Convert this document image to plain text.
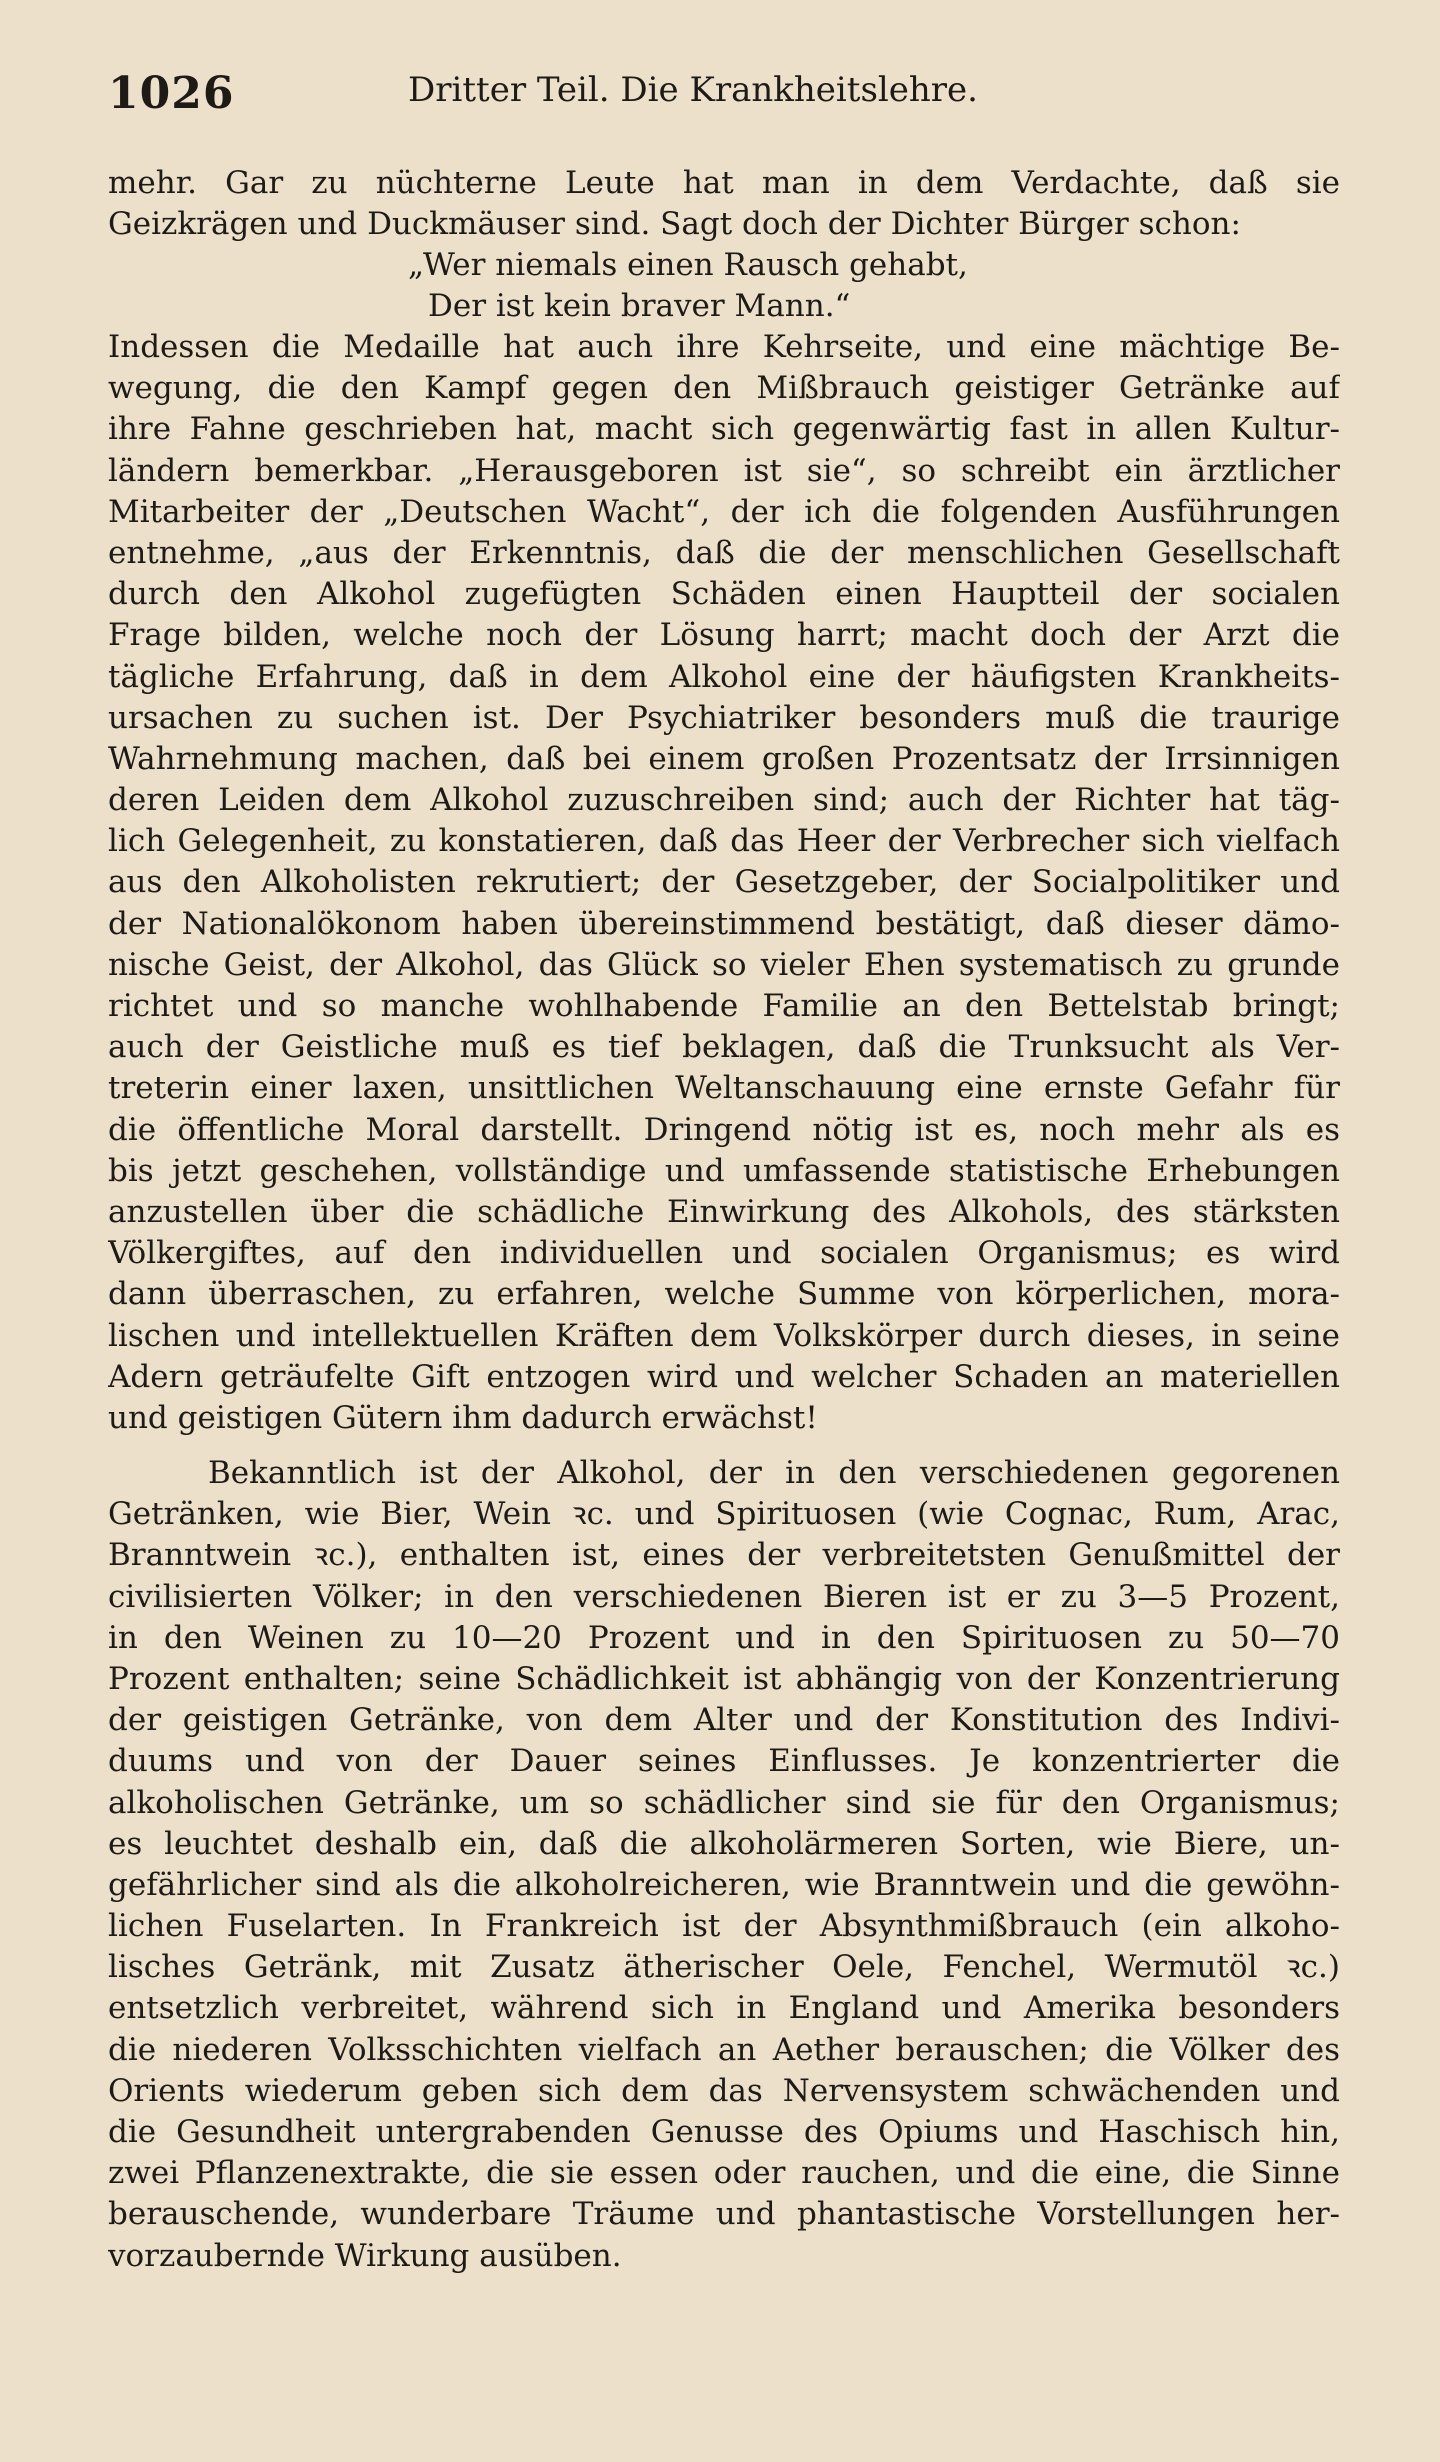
1026	Dritter Teil. Die Krankheitslehre.
mehr. Gar zu nüchterne Leute hat man in dem Verdachte, daß sie
Geizkrägen und Duckmäuser sind. Sagt doch der Dichter Bürger schon:
„Wer niemals einen Rausch gehabt,
Der ist kein braver Mann.“
Indessen die Medaille hat auch ihre Kehrseite, und eine mächtige Be-
wegung, die den Kampf gegen den Mißbrauch geistiger Getränke auf
ihre Fahne geschrieben hat, macht sich gegenwärtig fast in allen Kultur-
ländern bemerkbar. „Herausgeboren ist sie“, so schreibt ein ärztlicher
Mitarbeiter der „Deutschen Wacht“, der ich die folgenden Ausführungen
entnehme, „aus der Erkenntnis, daß die der menschlichen Gesellschaft
durch den Alkohol zugefügten Schäden einen Hauptteil der socialen
Frage bilden, welche noch der Lösung harrt; macht doch der Arzt die
tägliche Erfahrung, daß in dem Alkohol eine der häufigsten Krankheits-
ursachen zu suchen ist. Der Psychiatriker besonders muß die traurige
Wahrnehmung machen, daß bei einem großen Prozentsatz der Irrsinnigen
deren Leiden dem Alkohol zuzuschreiben sind; auch der Richter hat täg-
lich Gelegenheit, zu konstatieren, daß das Heer der Verbrecher sich vielfach
aus den Alkoholisten rekrutiert; der Gesetzgeber, der Socialpolitiker und
der Nationalökonom haben übereinstimmend bestätigt, daß dieser dämo-
nische Geist, der Alkohol, das Glück so vieler Ehen systematisch zu grunde
richtet und so manche wohlhabende Familie an den Bettelstab bringt;
auch der Geistliche muß es tief beklagen, daß die Trunksucht als Ver-
treterin einer laxen, unsittlichen Weltanschauung eine ernste Gefahr für
die öffentliche Moral darstellt. Dringend nötig ist es, noch mehr als es
bis jetzt geschehen, vollständige und umfassende statistische Erhebungen
anzustellen über die schädliche Einwirkung des Alkohols, des stärksten
Völkergiftes, auf den individuellen und socialen Organismus; es wird
dann überraschen, zu erfahren, welche Summe von körperlichen, mora-
lischen und intellektuellen Kräften dem Volkskörper durch dieses, in seine
Adern geträufelte Gift entzogen wird und welcher Schaden an materiellen
und geistigen Gütern ihm dadurch erwächst!
Bekanntlich ist der Alkohol, der in den verschiedenen gegorenen
Getränken, wie Bier, Wein ꝛc. und Spirituosen (wie Cognac, Rum, Arac,
Branntwein ꝛc.), enthalten ist, eines der verbreitetsten Genußmittel der
civilisierten Völker; in den verschiedenen Bieren ist er zu 3—5 Prozent,
in den Weinen zu 10—20 Prozent und in den Spirituosen zu 50—70
Prozent enthalten; seine Schädlichkeit ist abhängig von der Konzentrierung
der geistigen Getränke, von dem Alter und der Konstitution des Indivi-
duums und von der Dauer seines Einflusses. Je konzentrierter die
alkoholischen Getränke, um so schädlicher sind sie für den Organismus;
es leuchtet deshalb ein, daß die alkoholärmeren Sorten, wie Biere, un-
gefährlicher sind als die alkoholreicheren, wie Branntwein und die gewöhn-
lichen Fuselarten. In Frankreich ist der Absynthmißbrauch (ein alkoho-
lisches Getränk, mit Zusatz ätherischer Oele, Fenchel, Wermutöl ꝛc.)
entsetzlich verbreitet, während sich in England und Amerika besonders
die niederen Volksschichten vielfach an Aether berauschen; die Völker des
Orients wiederum geben sich dem das Nervensystem schwächenden und
die Gesundheit untergrabenden Genusse des Opiums und Haschisch hin,
zwei Pflanzenextrakte, die sie essen oder rauchen, und die eine, die Sinne
berauschende, wunderbare Träume und phantastische Vorstellungen her-
vorzaubernde Wirkung ausüben.
